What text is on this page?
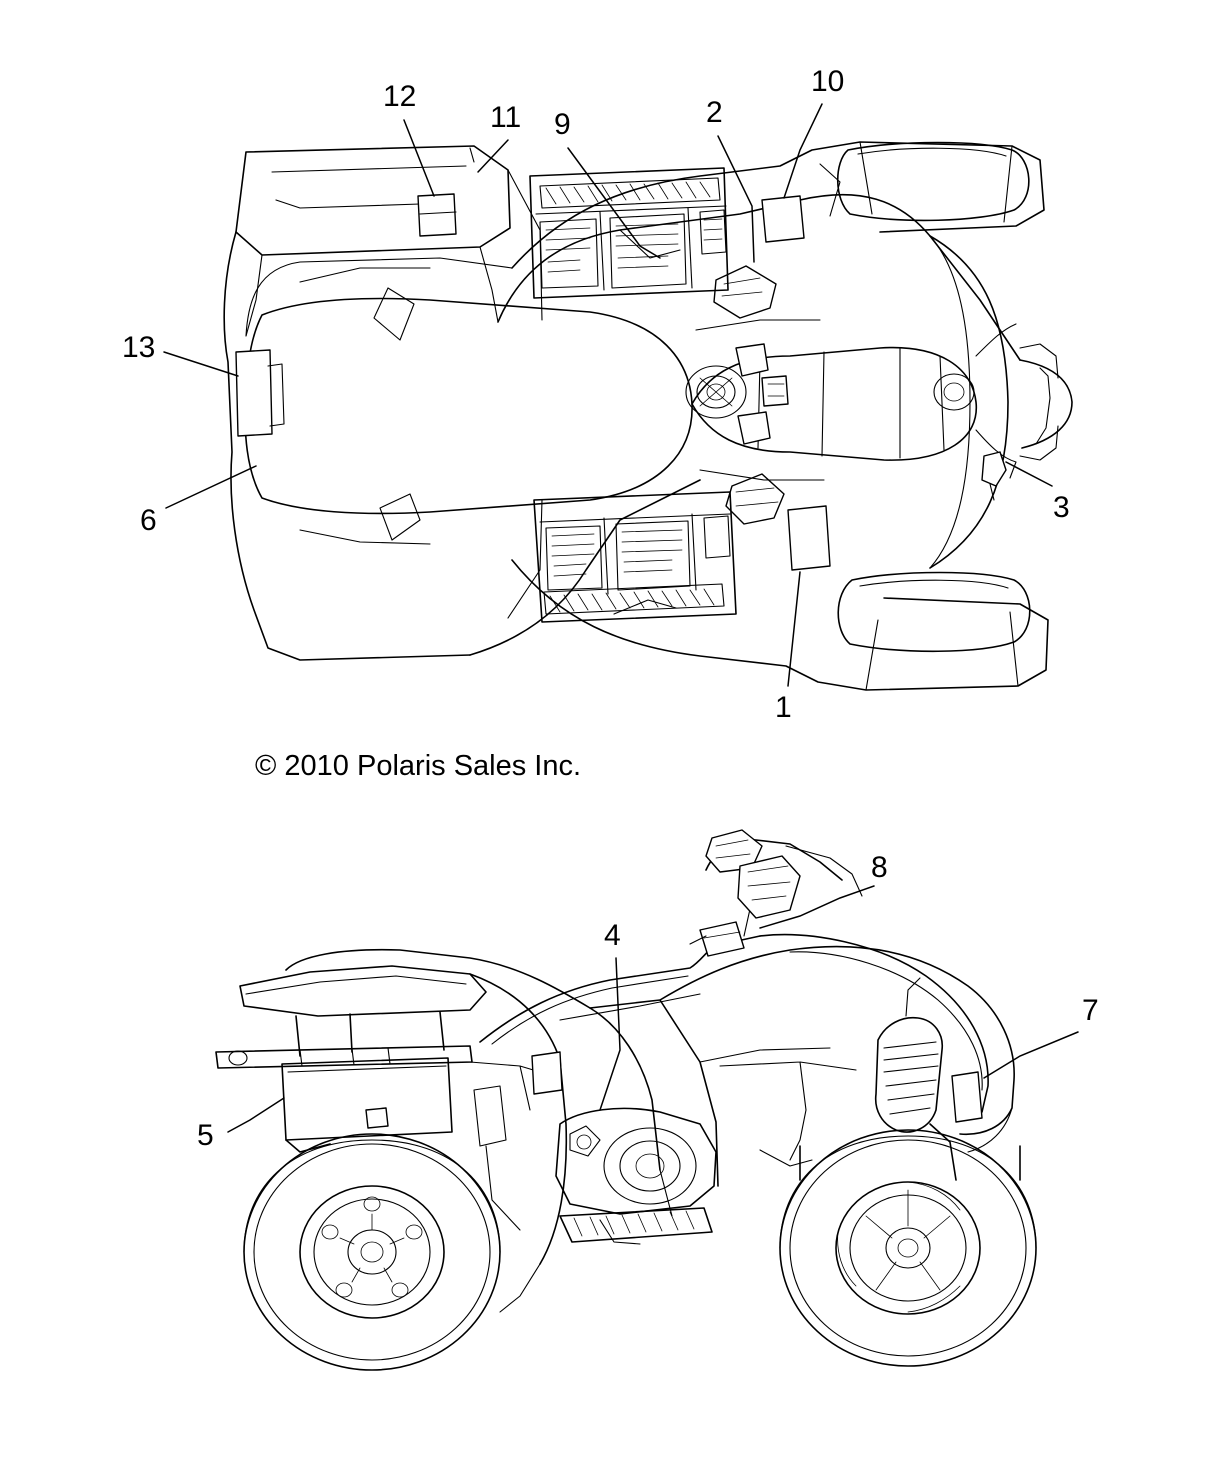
12
11 9	2
10
13
6	3
1
© 2010 Polaris Sales Inc.
8
4
7
5
